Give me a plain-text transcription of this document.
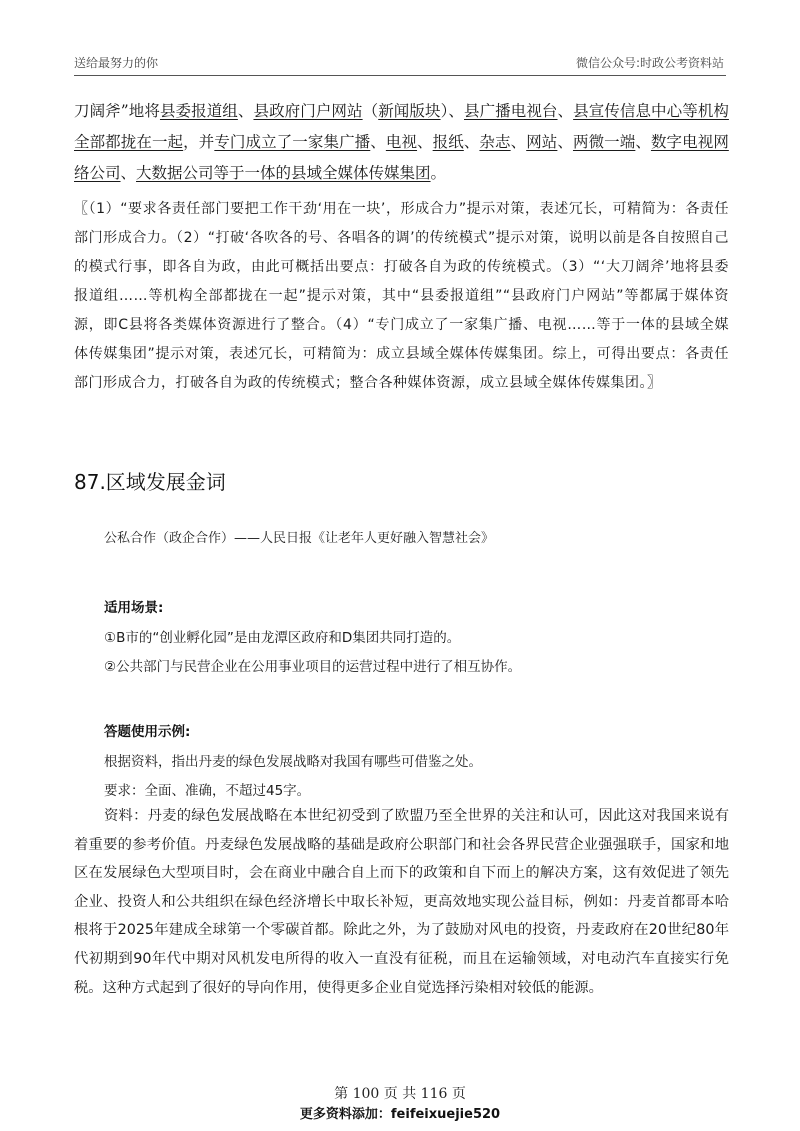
送给最努力的你	微信公众号:时政公考资料站
刀阔斧”地将县委报道组、县政府门户网站（新闻版块）、县广播电视台、县宣传信息中心等机构全部都拢在一起，并专门成立了一家集广播、电视、报纸、杂志、网站、两微一端、数字电视网络公司、大数据公司等于一体的县域全媒体传媒集团。
〖（1）“要求各责任部门要把工作干劲‘用在一块’，形成合力”提示对策，表述冗长，可精简为：各责任部门形成合力。（2）“打破‘各吹各的号、各唱各的调’的传统模式”提示对策，说明以前是各自按照自己的模式行事，即各自为政，由此可概括出要点：打破各自为政的传统模式。（3）“‘大刀阔斧’地将县委报道组……等机构全部都拢在一起”提示对策，其中“县委报道组”“县政府门户网站”等都属于媒体资源，即C县将各类媒体资源进行了整合。（4）“专门成立了一家集广播、电视……等于一体的县域全媒体传媒集团”提示对策，表述冗长，可精简为：成立县域全媒体传媒集团。综上，可得出要点：各责任部门形成合力，打破各自为政的传统模式；整合各种媒体资源，成立县域全媒体传媒集团。〗
87.区域发展金词
公私合作（政企合作）——人民日报《让老年人更好融入智慧社会》
适用场景:
①B市的“创业孵化园”是由龙潭区政府和D集团共同打造的。
②公共部门与民营企业在公用事业项目的运营过程中进行了相互协作。
答题使用示例:
根据资料，指出丹麦的绿色发展战略对我国有哪些可借鉴之处。
要求：全面、准确，不超过45字。
资料：丹麦的绿色发展战略在本世纪初受到了欧盟乃至全世界的关注和认可，因此这对我国来说有着重要的参考价值。丹麦绿色发展战略的基础是政府公职部门和社会各界民营企业强强联手，国家和地区在发展绿色大型项目时，会在商业中融合自上而下的政策和自下而上的解决方案，这有效促进了领先企业、投资人和公共组织在绿色经济增长中取长补短，更高效地实现公益目标，例如：丹麦首都哥本哈根将于2025年建成全球第一个零碳首都。除此之外，为了鼓励对风电的投资，丹麦政府在20世纪80年代初期到90年代中期对风机发电所得的收入一直没有征税，而且在运输领域，对电动汽车直接实行免税。这种方式起到了很好的导向作用，使得更多企业自觉选择污染相对较低的能源。
第 100 页 共 116 页
更多资料添加：feifeixuejie520
